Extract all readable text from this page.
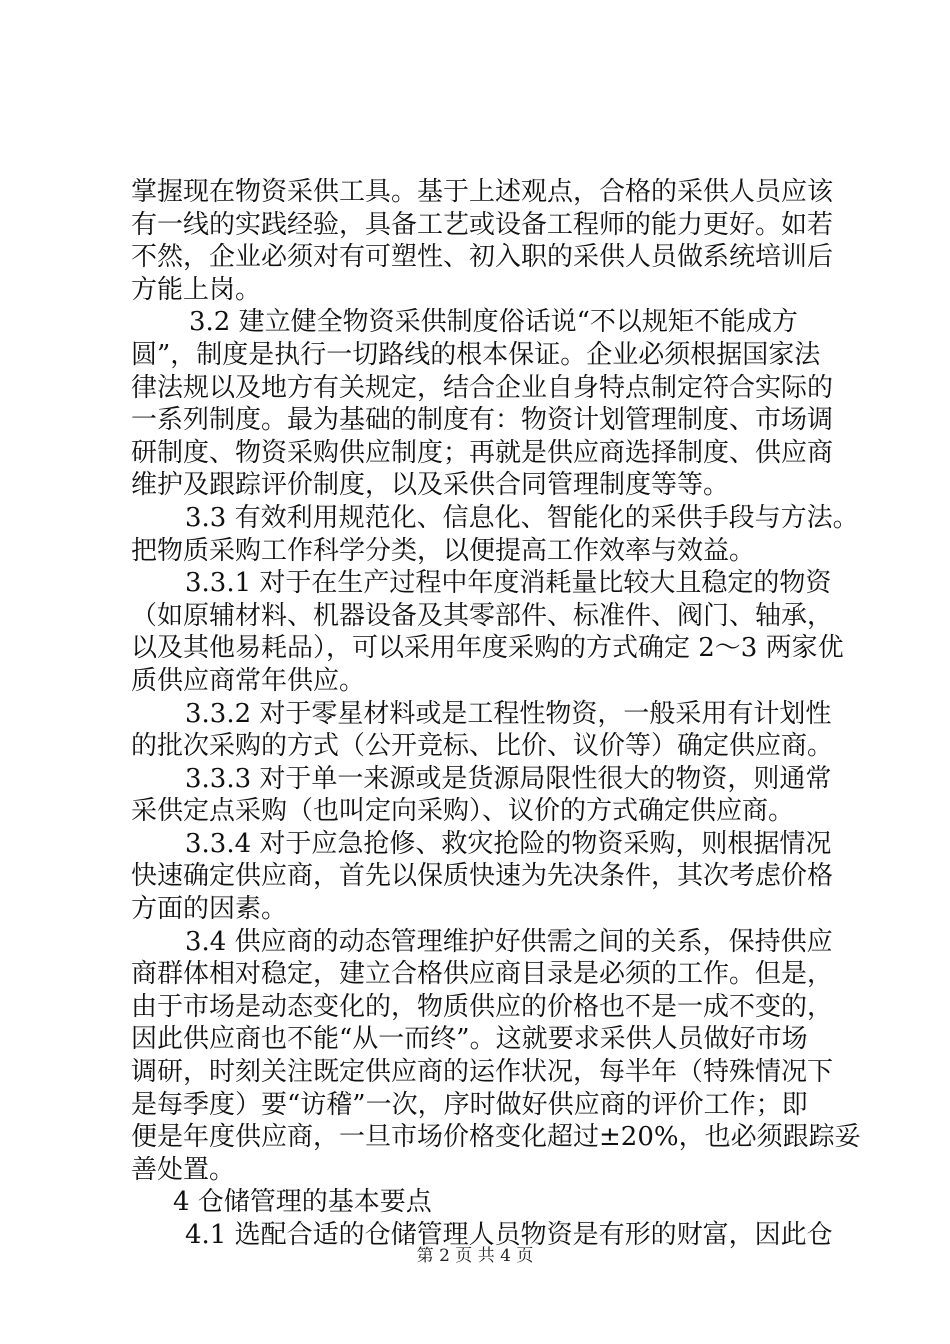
掌握现在物资采供工具。基于上述观点，合格的采供人员应该
有一线的实践经验，具备工艺或设备工程师的能力更好。如若
不然，企业必须对有可塑性、初入职的采供人员做系统培训后
方能上岗。
3.2 建立健全物资采供制度俗话说“不以规矩不能成方
圆”，制度是执行一切路线的根本保证。企业必须根据国家法
律法规以及地方有关规定，结合企业自身特点制定符合实际的
一系列制度。最为基础的制度有：物资计划管理制度、市场调
研制度、物资采购供应制度；再就是供应商选择制度、供应商
维护及跟踪评价制度，以及采供合同管理制度等等。
3.3 有效利用规范化、信息化、智能化的采供手段与方法。
把物质采购工作科学分类，以便提高工作效率与效益。
3.3.1 对于在生产过程中年度消耗量比较大且稳定的物资
（如原辅材料、机器设备及其零部件、标准件、阀门、轴承，
以及其他易耗品），可以采用年度采购的方式确定 2～3 两家优
质供应商常年供应。
3.3.2 对于零星材料或是工程性物资，一般采用有计划性
的批次采购的方式（公开竞标、比价、议价等）确定供应商。
3.3.3 对于单一来源或是货源局限性很大的物资，则通常
采供定点采购（也叫定向采购）、议价的方式确定供应商。
3.3.4 对于应急抢修、救灾抢险的物资采购，则根据情况
快速确定供应商，首先以保质快速为先决条件，其次考虑价格
方面的因素。
3.4 供应商的动态管理维护好供需之间的关系，保持供应
商群体相对稳定，建立合格供应商目录是必须的工作。但是，
由于市场是动态变化的，物质供应的价格也不是一成不变的，
因此供应商也不能“从一而终”。这就要求采供人员做好市场
调研，时刻关注既定供应商的运作状况，每半年（特殊情况下
是每季度）要“访稽”一次，序时做好供应商的评价工作；即
便是年度供应商，一旦市场价格变化超过±20%，也必须跟踪妥
善处置。
4 仓储管理的基本要点
4.1 选配合适的仓储管理人员物资是有形的财富，因此仓
第 2 页 共 4 页
